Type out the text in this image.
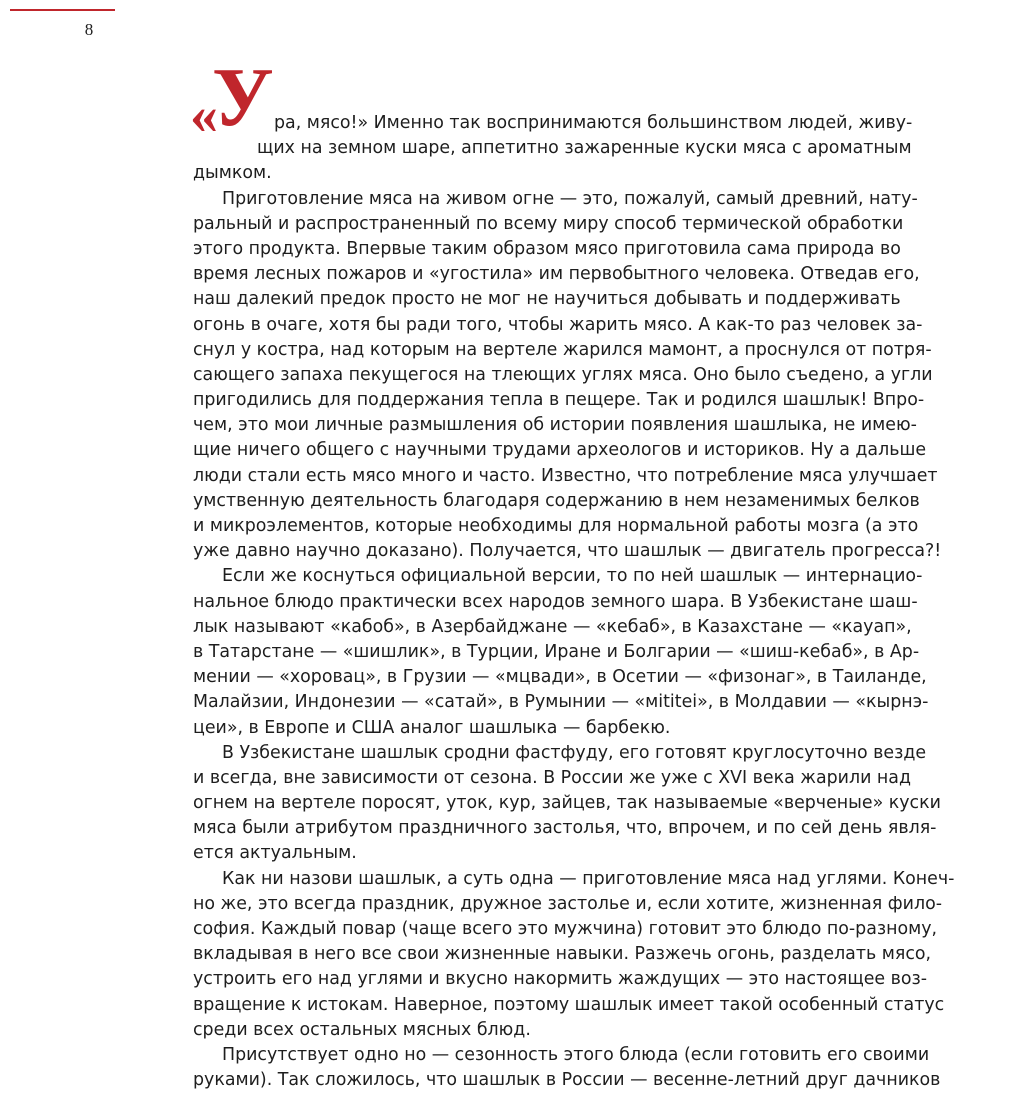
8
«У ра, мясо!» Именно так воспринимаются большинством людей, живу-
щих на земном шаре, аппетитно зажаренные куски мяса с ароматным
дымком.
Приготовление мяса на живом огне — это, пожалуй, самый древний, нату-
ральный и распространенный по всему миру способ термической обработки
этого продукта. Впервые таким образом мясо приготовила сама природа во
время лесных пожаров и «угостила» им первобытного человека. Отведав его,
наш далекий предок просто не мог не научиться добывать и поддерживать
огонь в очаге, хотя бы ради того, чтобы жарить мясо. А как-то раз человек за-
снул у костра, над которым на вертеле жарился мамонт, а проснулся от потря-
сающего запаха пекущегося на тлеющих углях мяса. Оно было съедено, а угли
пригодились для поддержания тепла в пещере. Так и родился шашлык! Впро-
чем, это мои личные размышления об истории появления шашлыка, не имею-
щие ничего общего с научными трудами археологов и историков. Ну а дальше
люди стали есть мясо много и часто. Известно, что потребление мяса улучшает
умственную деятельность благодаря содержанию в нем незаменимых белков
и микроэлементов, которые необходимы для нормальной работы мозга (а это
уже давно научно доказано). Получается, что шашлык — двигатель прогресса?!
Если же коснуться официальной версии, то по ней шашлык — интернацио-
нальное блюдо практически всех народов земного шара. В Узбекистане шаш-
лык называют «кабоб», в Азербайджане — «кебаб», в Казахстане — «кауап»,
в Татарстане — «шишлик», в Турции, Иране и Болгарии — «шиш-кебаб», в Ар-
мении — «хоровац», в Грузии — «мцвади», в Осетии — «физонаг», в Таиланде,
Малайзии, Индонезии — «сатай», в Румынии — «мititei», в Молдавии — «кырнэ-
цеи», в Европе и США аналог шашлыка — барбекю.
В Узбекистане шашлык сродни фастфуду, его готовят круглосуточно везде
и всегда, вне зависимости от сезона. В России же уже с XVI века жарили над
огнем на вертеле поросят, уток, кур, зайцев, так называемые «верченые» куски
мяса были атрибутом праздничного застолья, что, впрочем, и по сей день явля-
ется актуальным.
Как ни назови шашлык, а суть одна — приготовление мяса над углями. Конеч-
но же, это всегда праздник, дружное застолье и, если хотите, жизненная фило-
софия. Каждый повар (чаще всего это мужчина) готовит это блюдо по-разному,
вкладывая в него все свои жизненные навыки. Разжечь огонь, разделать мясо,
устроить его над углями и вкусно накормить жаждущих — это настоящее воз-
вращение к истокам. Наверное, поэтому шашлык имеет такой особенный статус
среди всех остальных мясных блюд.
Присутствует одно но — сезонность этого блюда (если готовить его своими
руками). Так сложилось, что шашлык в России — весенне-летний друг дачников
